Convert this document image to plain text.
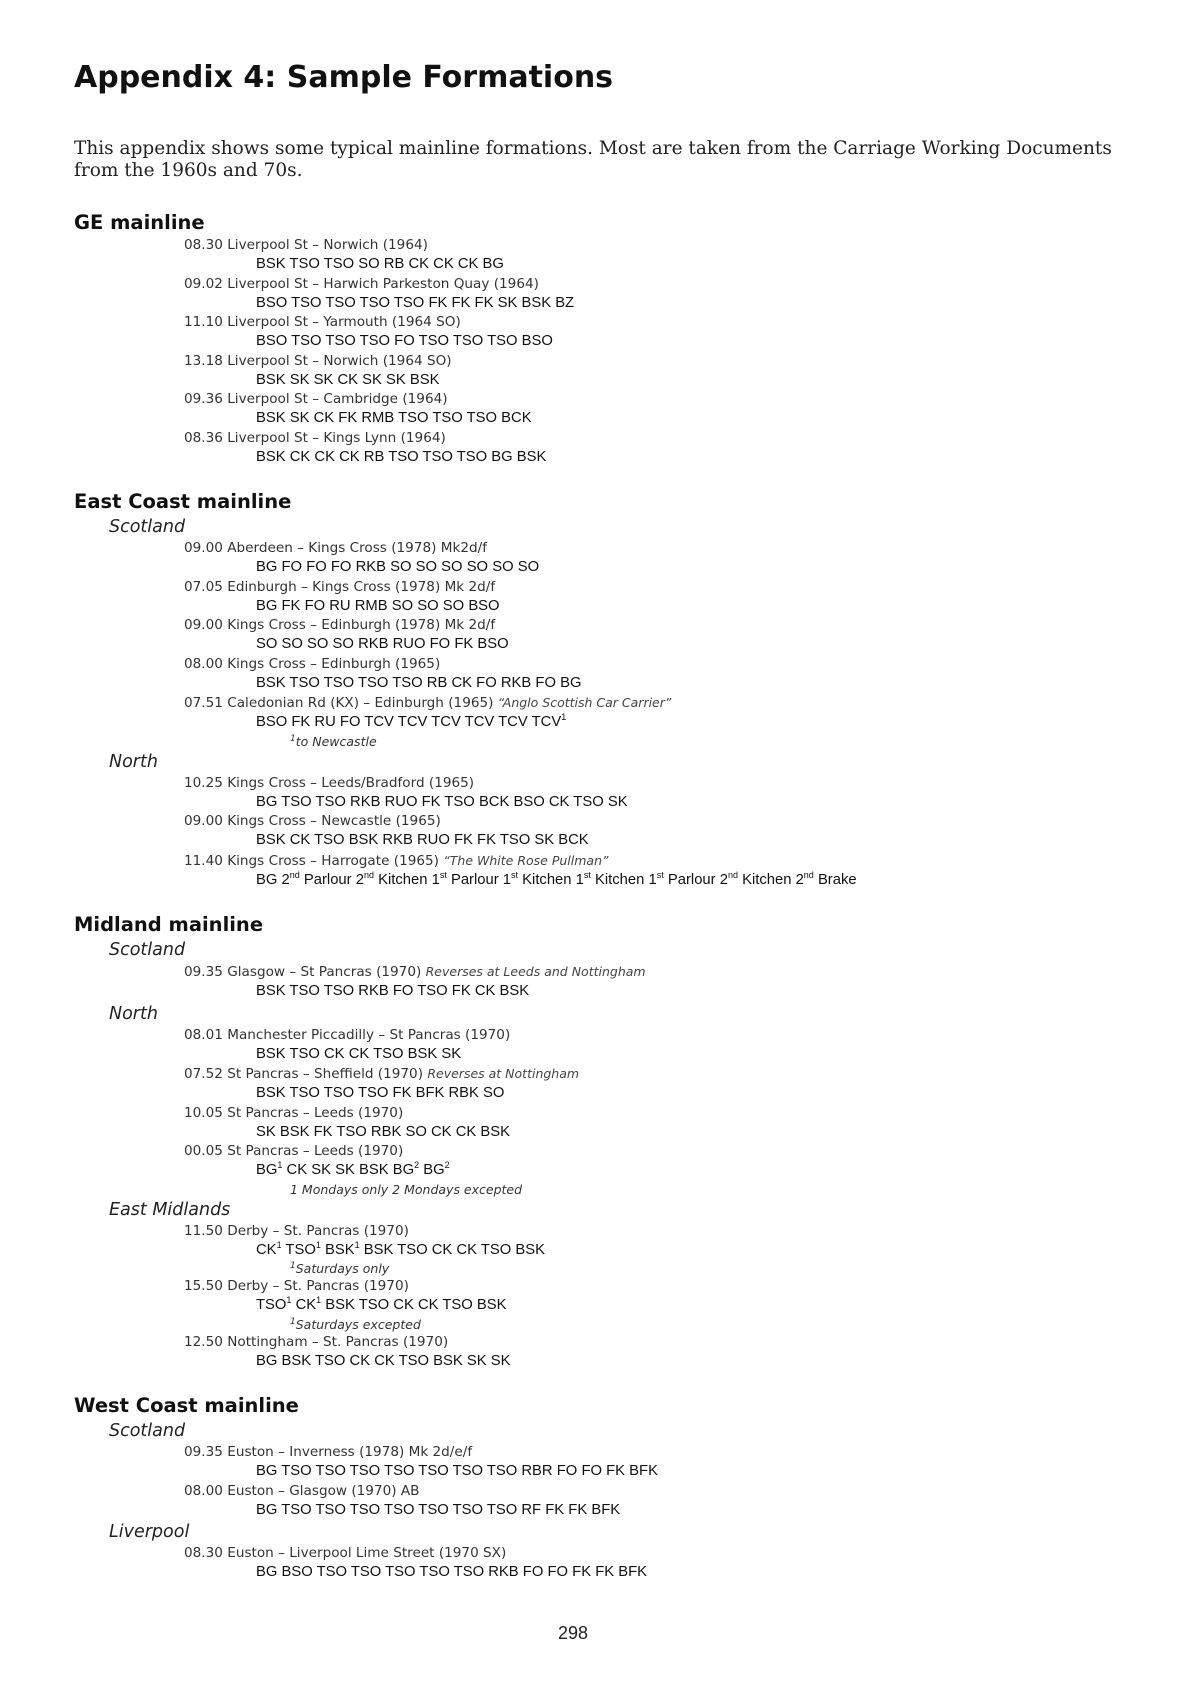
Appendix 4: Sample Formations

This appendix shows some typical mainline formations. Most are taken from the Carriage Working Documents from the 1960s and 70s.

GE mainline
08.30 Liverpool St – Norwich (1964)
BSK TSO TSO SO RB CK CK CK BG
09.02 Liverpool St – Harwich Parkeston Quay (1964)
BSO TSO TSO TSO TSO FK FK FK SK BSK BZ
11.10 Liverpool St – Yarmouth (1964 SO)
BSO TSO TSO TSO FO TSO TSO TSO BSO
13.18 Liverpool St – Norwich (1964 SO)
BSK SK SK CK SK SK BSK
09.36 Liverpool St – Cambridge (1964)
BSK SK CK FK RMB TSO TSO TSO BCK
08.36 Liverpool St – Kings Lynn (1964)
BSK CK CK CK RB TSO TSO TSO BG BSK
East Coast mainline
Scotland
09.00 Aberdeen – Kings Cross (1978) Mk2d/f
BG FO FO FO RKB SO SO SO SO SO SO
07.05 Edinburgh – Kings Cross (1978) Mk 2d/f
BG FK FO RU RMB SO SO SO BSO
09.00 Kings Cross – Edinburgh (1978) Mk 2d/f
SO SO SO SO RKB RUO FO FK BSO
08.00 Kings Cross – Edinburgh (1965)
BSK TSO TSO TSO TSO RB CK FO RKB FO BG
07.51 Caledonian Rd (KX) – Edinburgh (1965) “Anglo Scottish Car Carrier”
BSO FK RU FO TCV TCV TCV TCV TCV TCV$^1$
$^1$to Newcastle
North
10.25 Kings Cross – Leeds/Bradford (1965)
BG TSO TSO RKB RUO FK TSO BCK BSO CK TSO SK
09.00 Kings Cross – Newcastle (1965)
BSK CK TSO BSK RKB RUO FK FK TSO SK BCK
11.40 Kings Cross – Harrogate (1965) “The White Rose Pullman”
BG 2nd Parlour 2nd Kitchen 1st Parlour 1st Kitchen 1st Kitchen 1st Parlour 2nd Kitchen 2nd Brake
Midland mainline
Scotland
09.35 Glasgow – St Pancras (1970) Reverses at Leeds and Nottingham
BSK TSO TSO RKB FO TSO FK CK BSK
North
08.01 Manchester Piccadilly – St Pancras (1970)
BSK TSO CK CK TSO BSK SK
07.52 St Pancras – Sheffield (1970) Reverses at Nottingham
BSK TSO TSO TSO FK BFK RBK SO
10.05 St Pancras – Leeds (1970)
SK BSK FK TSO RBK SO CK CK BSK
00.05 St Pancras – Leeds (1970)
$BG^1$ CK SK SK BSK $BG^2$ $BG^2$
1 Mondays only 2 Mondays excepted
East Midlands
11.50 Derby – St. Pancras (1970)
$CK^1$ TSO$^1$ BSK$^1$ BSK TSO CK CK TSO BSK
$^1$Saturdays only
15.50 Derby – St. Pancras (1970)
TSO$^1$ $CK^1$ BSK TSO CK CK TSO BSK
$^1$Saturdays excepted
12.50 Nottingham – St. Pancras (1970)
BG BSK TSO CK CK TSO BSK SK SK
West Coast mainline
Scotland
09.35 Euston – Inverness (1978) Mk 2d/e/f
BG TSO TSO TSO TSO TSO TSO TSO RBR FO FO FK BFK
08.00 Euston – Glasgow (1970) AB
BG TSO TSO TSO TSO TSO TSO TSO RF FK FK BFK
Liverpool
08.30 Euston – Liverpool Lime Street (1970 SX)
BG BSO TSO TSO TSO TSO TSO RKB FO FO FK FK BFK
298
